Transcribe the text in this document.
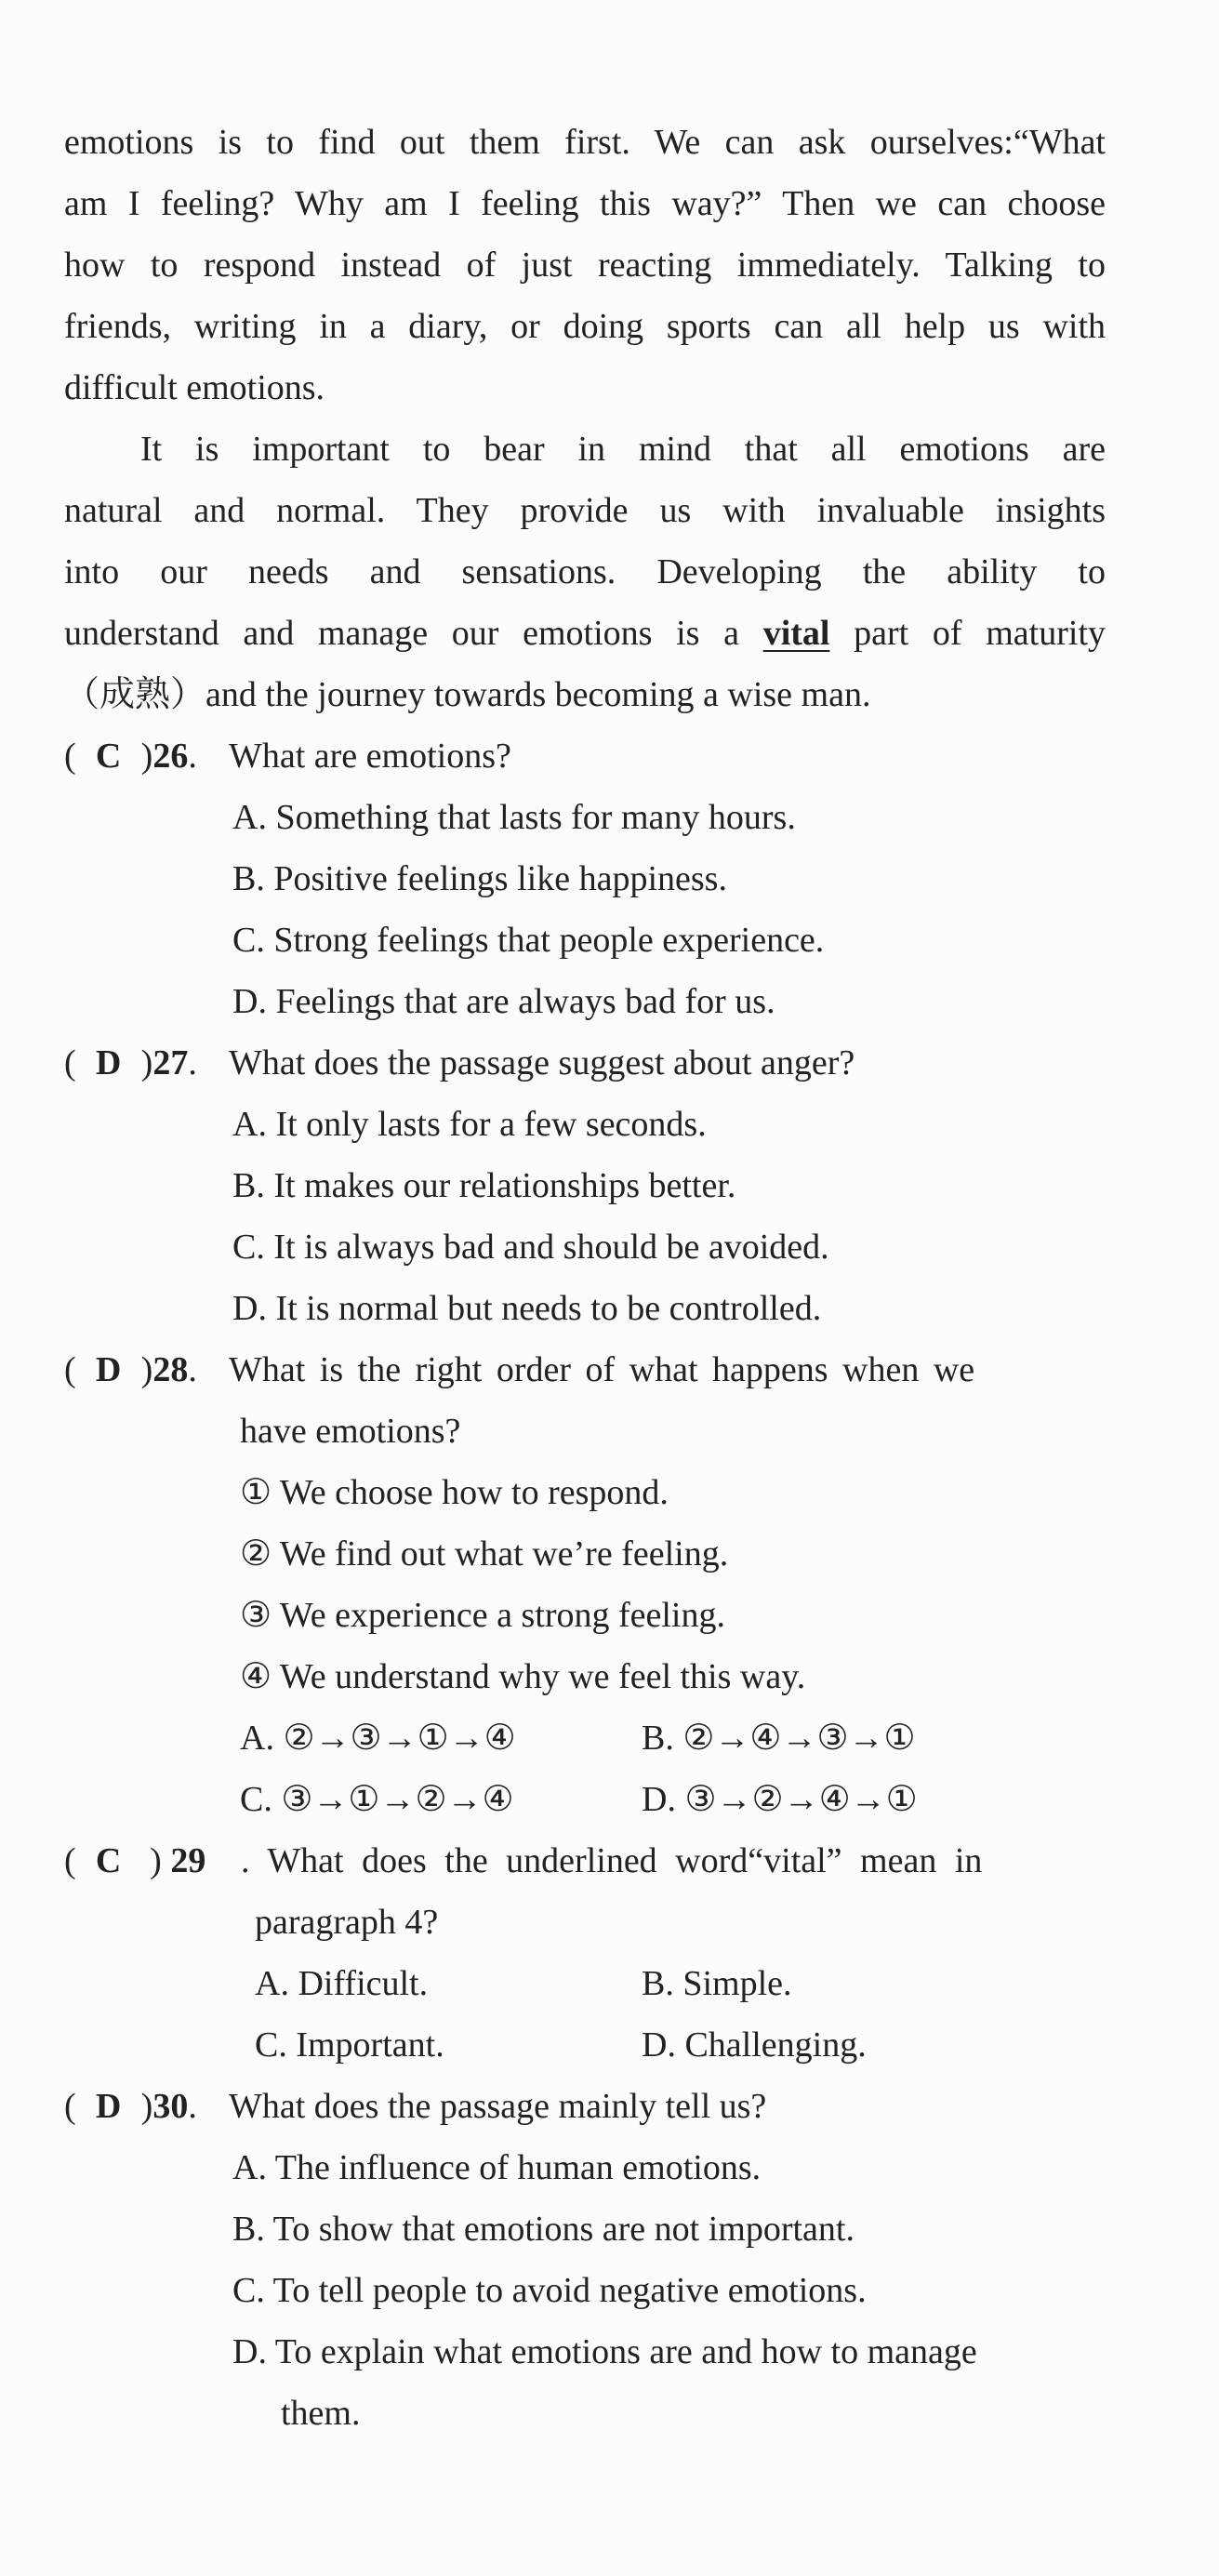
emotions is to find out them first. We can ask ourselves:“What

am I feeling? Why am I feeling this way?” Then we can choose

how to respond instead of just reacting immediately. Talking to

friends, writing in a diary, or doing sports can all help us with

difficult emotions.

It is important to bear in mind that all emotions are

natural and normal. They provide us with invaluable insights

into our needs and sensations. Developing the ability to

understand and manage our emotions is a vital part of maturity

（成熟）and the journey towards becoming a wise man.

( C )26. What are emotions?
A. Something that lasts for many hours.
B. Positive feelings like happiness.
C. Strong feelings that people experience.
D. Feelings that are always bad for us.
( D )27. What does the passage suggest about anger?
A. It only lasts for a few seconds.
B. It makes our relationships better.
C. It is always bad and should be avoided.
D. It is normal but needs to be controlled.
( D )28. What is the right order of what happens when we
have emotions?
① We choose how to respond.
② We find out what we’re feeling.
③ We experience a strong feeling.
④ We understand why we feel this way.
A. ②→③→①→④	B. ②→④→③→①
C. ③→①→②→④	D. ③→②→④→①
( C ) 29 . What does the underlined word“vital” mean in
paragraph 4?
A. Difficult.	B. Simple.
C. Important.	D. Challenging.
( D )30. What does the passage mainly tell us?
A. The influence of human emotions.
B. To show that emotions are not important.
C. To tell people to avoid negative emotions.
D. To explain what emotions are and how to manage
them.
